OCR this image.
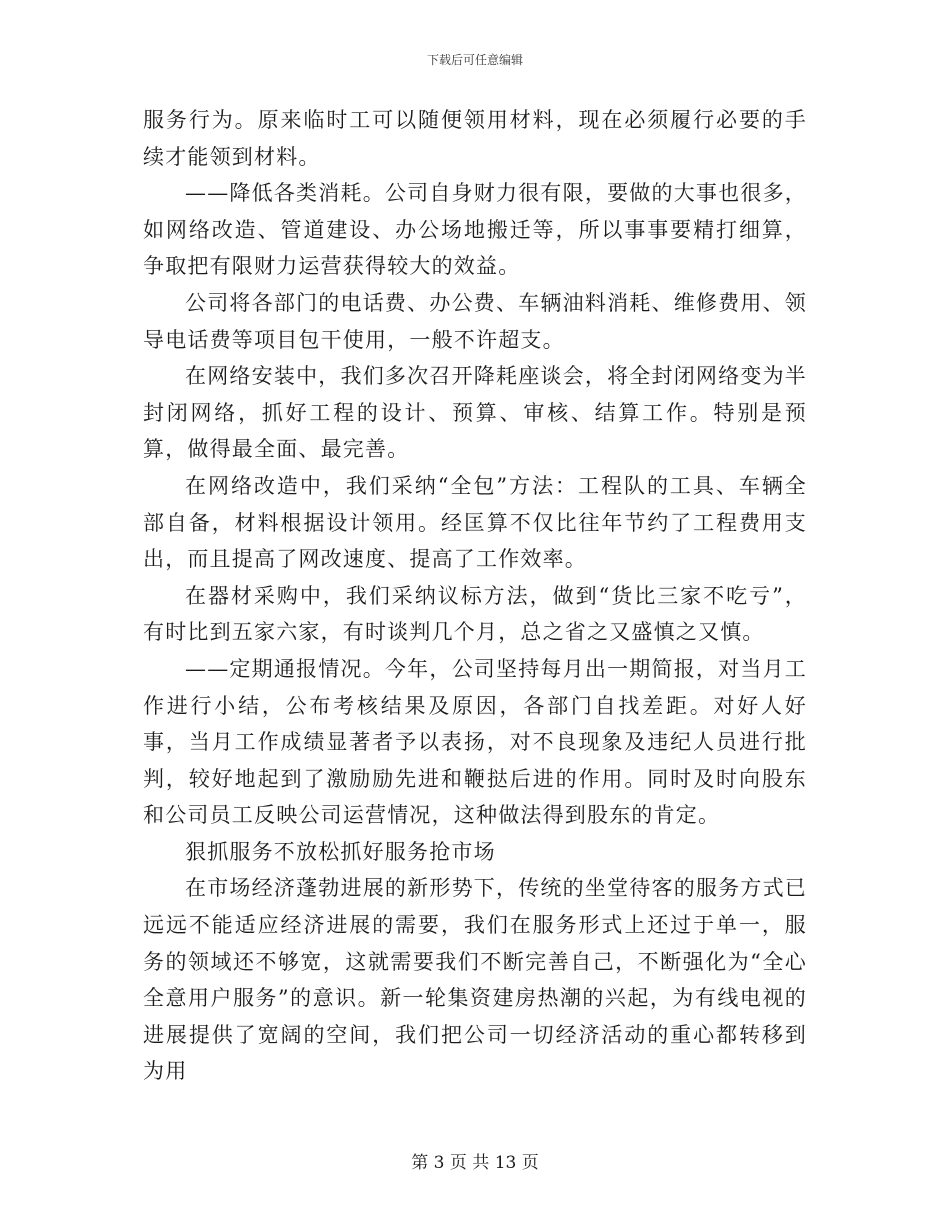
下载后可任意编辑

服务行为。原来临时工可以随便领用材料，现在必须履行必要的手续才能领到材料。

——降低各类消耗。公司自身财力很有限，要做的大事也很多，如网络改造、管道建设、办公场地搬迁等，所以事事要精打细算，争取把有限财力运营获得较大的效益。

公司将各部门的电话费、办公费、车辆油料消耗、维修费用、领导电话费等项目包干使用，一般不许超支。

在网络安装中，我们多次召开降耗座谈会，将全封闭网络变为半封闭网络，抓好工程的设计、预算、审核、结算工作。特别是预算，做得最全面、最完善。

在网络改造中，我们采纳“全包”方法：工程队的工具、车辆全部自备，材料根据设计领用。经匡算不仅比往年节约了工程费用支出，而且提高了网改速度、提高了工作效率。

在器材采购中，我们采纳议标方法，做到“货比三家不吃亏”，有时比到五家六家，有时谈判几个月，总之省之又盛慎之又慎。

——定期通报情况。今年，公司坚持每月出一期简报，对当月工作进行小结，公布考核结果及原因，各部门自找差距。对好人好事，当月工作成绩显著者予以表扬，对不良现象及违纪人员进行批判，较好地起到了激励励先进和鞭挞后进的作用。同时及时向股东和公司员工反映公司运营情况，这种做法得到股东的肯定。

狠抓服务不放松抓好服务抢市场

在市场经济蓬勃进展的新形势下，传统的坐堂待客的服务方式已远远不能适应经济进展的需要，我们在服务形式上还过于单一，服务的领域还不够宽，这就需要我们不断完善自己，不断强化为“全心全意用户服务”的意识。新一轮集资建房热潮的兴起，为有线电视的进展提供了宽阔的空间，我们把公司一切经济活动的重心都转移到为用

第 3 页 共 13 页
